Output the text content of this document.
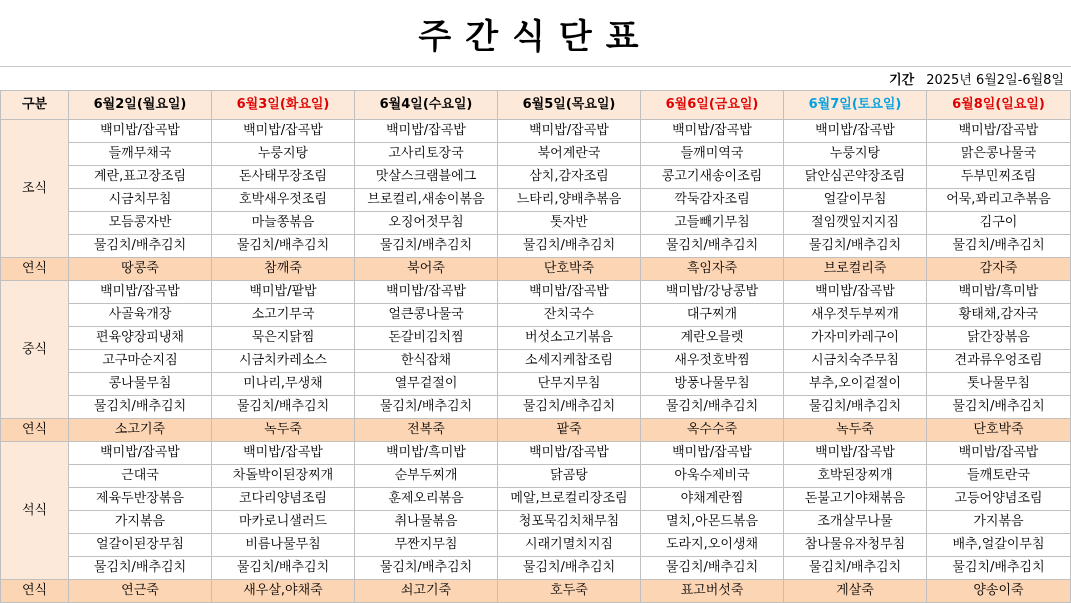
주간식단표
기간 2025년 6월2일-6월8일
구분	6월2일(월요일)	6월3일(화요일)	6월4일(수요일)	6월5일(목요일)	6월6일(금요일)	6월7일(토요일)	6월8일(일요일)
조식	백미밥/잡곡밥	백미밥/잡곡밥	백미밥/잡곡밥	백미밥/잡곡밥	백미밥/잡곡밥	백미밥/잡곡밥	백미밥/잡곡밥
	들깨무채국	누룽지탕	고사리토장국	북어계란국	들깨미역국	누룽지탕	맑은콩나물국
	계란,표고장조림	돈사태무장조림	맛살스크램블에그	삼치,감자조림	콩고기새송이조림	닭안심곤약장조림	두부민찌조림
	시금치무침	호박새우젓조림	브로컬리,새송이볶음	느타리,양배추볶음	깍둑감자조림	얼갈이무침	어묵,꽈리고추볶음
	모듬콩자반	마늘쫑볶음	오징어젓무침	톳자반	고들빼기무침	절임깻잎지지짐	김구이
	물김치/배추김치	물김치/배추김치	물김치/배추김치	물김치/배추김치	물김치/배추김치	물김치/배추김치	물김치/배추김치
연식	땅콩죽	참깨죽	북어죽	단호박죽	흑임자죽	브로컬리죽	감자죽
중식	백미밥/잡곡밥	백미밥/팥밥	백미밥/잡곡밥	백미밥/잡곡밥	백미밥/강낭콩밥	백미밥/잡곡밥	백미밥/흑미밥
	사골육개장	소고기무국	얼큰콩나물국	잔치국수	대구찌개	새우젓두부찌개	황태채,감자국
	편육양장피냉채	묵은지닭찜	돈갈비김치찜	버섯소고기볶음	계란오믈렛	가자미카레구이	닭간장볶음
	고구마순지짐	시금치카레소스	한식잡채	소세지케찹조림	새우젓호박찜	시금치숙주무침	견과류우엉조림
	콩나물무침	미나리,무생채	열무겉절이	단무지무침	방풍나물무침	부추,오이겉절이	톳나물무침
	물김치/배추김치	물김치/배추김치	물김치/배추김치	물김치/배추김치	물김치/배추김치	물김치/배추김치	물김치/배추김치
연식	소고기죽	녹두죽	전복죽	팥죽	옥수수죽	녹두죽	단호박죽
석식	백미밥/잡곡밥	백미밥/잡곡밥	백미밥/흑미밥	백미밥/잡곡밥	백미밥/잡곡밥	백미밥/잡곡밥	백미밥/잡곡밥
	근대국	차돌박이된장찌개	순부두찌개	닭곰탕	아욱수제비국	호박된장찌개	들깨토란국
	제육두반장볶음	코다리양념조림	훈제오리볶음	메알,브로컬리장조림	야채계란찜	돈불고기야채볶음	고등어양념조림
	가지볶음	마카로니샐러드	취나물볶음	청포묵김치채무침	멸치,아몬드볶음	조개살무나물	가지볶음
	얼갈이된장무침	비름나물무침	무짠지무침	시래기멸치지짐	도라지,오이생채	참나물유자청무침	배추,얼갈이무침
	물김치/배추김치	물김치/배추김치	물김치/배추김치	물김치/배추김치	물김치/배추김치	물김치/배추김치	물김치/배추김치
연식	연근죽	새우살,야채죽	쇠고기죽	호두죽	표고버섯죽	게살죽	양송이죽
